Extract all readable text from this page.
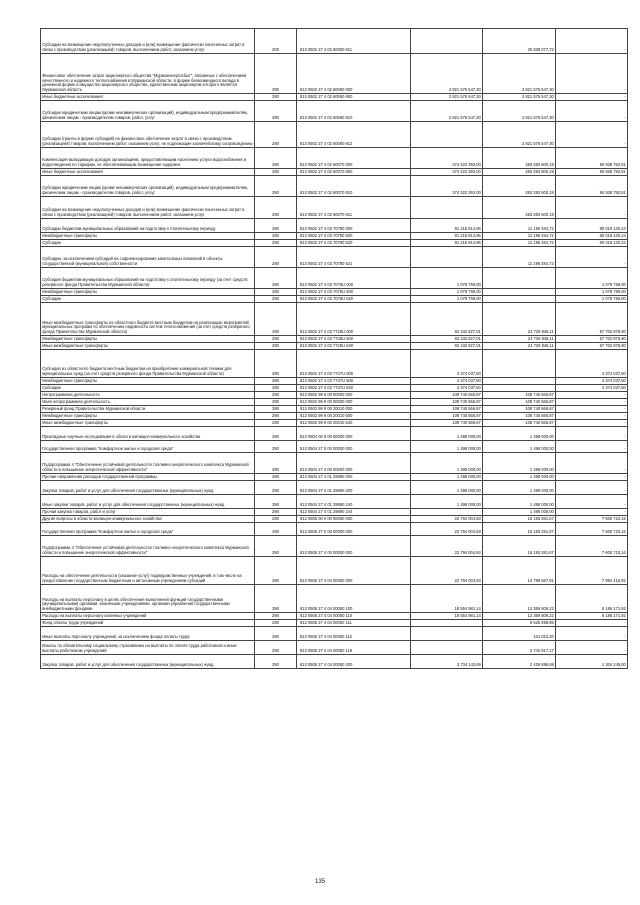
Субсидии на возмещение недополученных доходов и (или) возмещение фактически понесенных затрат в связи с производством (реализацией) товаров, выполнением работ, оказанием услуг	200	813 0502 27 4 02 60050 811		25 838 077,72	-
Финансовое обеспечение затрат акционерного общества "Мурманэнергосбыт", связанных с обеспечением качественного и надежного теплоснабжения в Мурманской области, в форме безвозмездного вклада в денежной форме в имущество акционерного общества, единственным акционером которого является Мурманская область	290	813 0502 27 4 02 60060 000	2 821 576 547,30	2 821 576 547,30	-
Иные бюджетные ассигнования	290	813 0502 27 4 02 60060 800	2 821 576 547,30	2 821 576 547,30	-
Субсидии юридическим лицам (кроме некоммерческих организаций), индивидуальным предпринимателям, физическим лицам - производителям товаров, работ, услуг	290	813 0502 27 4 02 60060 810	2 821 576 547,30	2 821 576 547,30	-
Субсидии (гранты в форме субсидий) на финансовое обеспечение затрат в связи с производством (реализацией) товаров, выполнением работ, оказанием услуг, не подлежащие казначейскому сопровождению	290	813 0502 27 4 02 60060 813		2 821 576 547,30	-
Компенсация выпадающих доходов организациям, предоставляющим населению услуги водоснабжения и водоотведения по тарифам, не обеспечивающим возмещение издержек	290	813 0502 27 4 02 60070 000	374 322 393,00	283 383 600,19	90 938 792,81
Иные бюджетные ассигнования	290	813 0502 27 4 02 60070 800	374 322 393,00	283 383 600,19	90 938 792,81
Субсидии юридическим лицам (кроме некоммерческих организаций), индивидуальным предпринимателям, физическим лицам - производителям товаров, работ, услуг	290	813 0502 27 4 02 60070 810	374 322 393,00	283 383 600,19	90 938 792,81
Субсидии на возмещение недополученных доходов и (или) возмещение фактически понесенных затрат в связи с производством (реализацией) товаров, выполнением работ, оказанием услуг	290	813 0502 27 4 02 60070 811		283 383 600,19	-
Субсидии бюджетам муниципальных образований на подготовку к отопительному периоду	290	813 0502 27 4 03 70780 000	91 215 814,96	11 196 484,72	80 019 130,24
Межбюджетные трансферты	290	813 0502 27 4 03 70780 500	91 215 814,96	11 196 484,72	80 019 130,24
Субсидии	290	813 0502 27 4 03 70780 520	91 215 814,96	11 196 484,72	80 019 130,24
Субсидии, за исключением субсидий на софинансирование капитальных вложений в объекты государственной (муниципальной) собственности	290	813 0502 27 4 03 70780 521		11 196 484,72	-
Субсидия бюджетам муниципальных образований на подготовку к отопительному периоду (за счет средств резервного фонда Правительства Мурманской области)	290	813 0502 27 4 03 7078U 000	1 079 769,00		1 079 769,00
Межбюджетные трансферты	290	813 0502 27 4 03 7078U 500	1 079 769,00		1 079 769,00
Субсидии	290	813 0502 27 4 03 7078U 520	1 079 769,00		1 079 769,00
Иные межбюджетные трансферты из областного бюджета местным бюджетам на реализацию мероприятий муниципальных программ по обеспечению надежности систем теплоснабжения (за счет средств резервного фонда Правительства Мурманской области)	290	813 0502 27 4 03 7728U 000	82 432 827,01	24 729 848,11	57 702 978,90
Межбюджетные трансферты	290	813 0502 27 4 03 7728U 500	82 432 827,01	24 729 848,11	57 702 978,90
Иные межбюджетные трансферты	290	813 0502 27 4 03 7728U 540	82 432 827,01	24 729 848,11	57 702 978,90
Субсидия из областного бюджета местным бюджетам на приобретение коммунальной техники для муниципальных нужд (за счет средств резервного фонда Правительства Мурманской области)	290	813 0502 27 4 03 7737U 000	4 374 037,50		4 374 037,50
Межбюджетные трансферты	290	813 0502 27 4 03 7737U 500	4 374 037,50		4 374 037,50
Субсидии	290	813 0502 27 4 03 7737U 520	4 374 037,50		4 374 037,50
Непрограммная деятельность	290	813 0502 99 0 00 00000 000	108 740 566,87	108 740 566,87	-
Иная непрограммная деятельность	290	813 0502 99 9 00 00000 000	108 740 566,87	108 740 566,87	-
Резервный фонд Правительства Мурманской области	290	813 0502 99 9 00 20010 000	108 740 566,87	108 740 566,87	-
Межбюджетные трансферты	290	813 0502 99 9 00 20010 500	108 740 566,87	108 740 566,87	-
Иные межбюджетные трансферты	290	813 0502 99 9 00 20010 540	108 740 566,87	108 740 566,87	-
Прикладные научные исследования в области жилищно-коммунального хозяйства	290	813 0504 00 0 00 00000 000	1 498 000,00	1 498 000,00	-
Государственная программа "Комфортное жилье и городская среда"	290	813 0504 27 0 00 00000 000	1 498 000,00	1 498 000,00	-
Подпрограмма 4 "Обеспечение устойчивой деятельности топливно-энергетического комплекса Мурманской области и повышение энергетической эффективности"	290	813 0504 27 4 00 00000 000	1 498 000,00	1 498 000,00	-
Прочие направления расходов государственной программы	290	813 0504 27 4 01 29890 000	1 498 000,00	1 498 000,00	-
Закупка товаров, работ и услуг для обеспечения государственных (муниципальных) нужд	290	813 0504 27 4 01 29890 200	1 498 000,00	1 498 000,00	-
Иные закупки товаров, работ и услуг для обеспечения государственных (муниципальных) нужд	290	813 0504 27 4 01 29890 240	1 498 000,00	1 498 000,00	-
Прочая закупка товаров, работ и услуг	290	813 0504 27 4 01 29890 244		1 498 000,00	-
Другие вопросы в области жилищно-коммунального хозяйства	290	813 0505 00 0 00 00000 000	22 794 004,83	15 193 281,67	7 600 723,16
Государственная программа "Комфортное жилье и городская среда"	290	813 0505 27 0 00 00000 000	22 794 004,83	15 193 281,67	7 600 723,16
Подпрограмма 4 "Обеспечение устойчивой деятельности топливно-энергетического комплекса Мурманской области и повышение энергетической эффективности"	290	813 0505 27 4 00 00000 000	22 794 004,83	15 193 281,67	7 600 723,16
Расходы на обеспечение деятельности (оказание услуг) подведомственных учреждений, в том числе на предоставление государственным бюджетным и автономным учреждениям субсидий	290	813 0505 27 4 04 00050 000	22 794 004,83	14 799 587,91	7 994 416,92
Расходы на выплаты персоналу в целях обеспечения выполнения функций государственными (муниципальными) органами, казенными учреждениями, органами управления государственными внебюджетными фондами	290	813 0505 27 4 04 00050 100	18 554 981,14	12 369 809,22	6 185 171,92
Расходы на выплаты персоналу казенных учреждений	290	813 0505 27 4 04 00050 110	18 554 981,14	12 369 809,22	6 185 171,92
Фонд оплаты труда учреждений	290	813 0505 27 4 04 00050 111		9 525 868,85	-
Иные выплаты персоналу учреждений, за исключением фонда оплаты труда	290	813 0505 27 4 04 00050 112		101 023,20	-
Взносы по обязательному социальному страхованию на выплаты по оплате труда работников и иные выплаты работникам учреждений	290	813 0505 27 4 04 00050 119		2 742 917,17	-
Закупка товаров, работ и услуг для обеспечения государственных (муниципальных) нужд	290	813 0505 27 4 04 00050 200	3 734 143,69	2 429 898,69	1 304 245,00
135
